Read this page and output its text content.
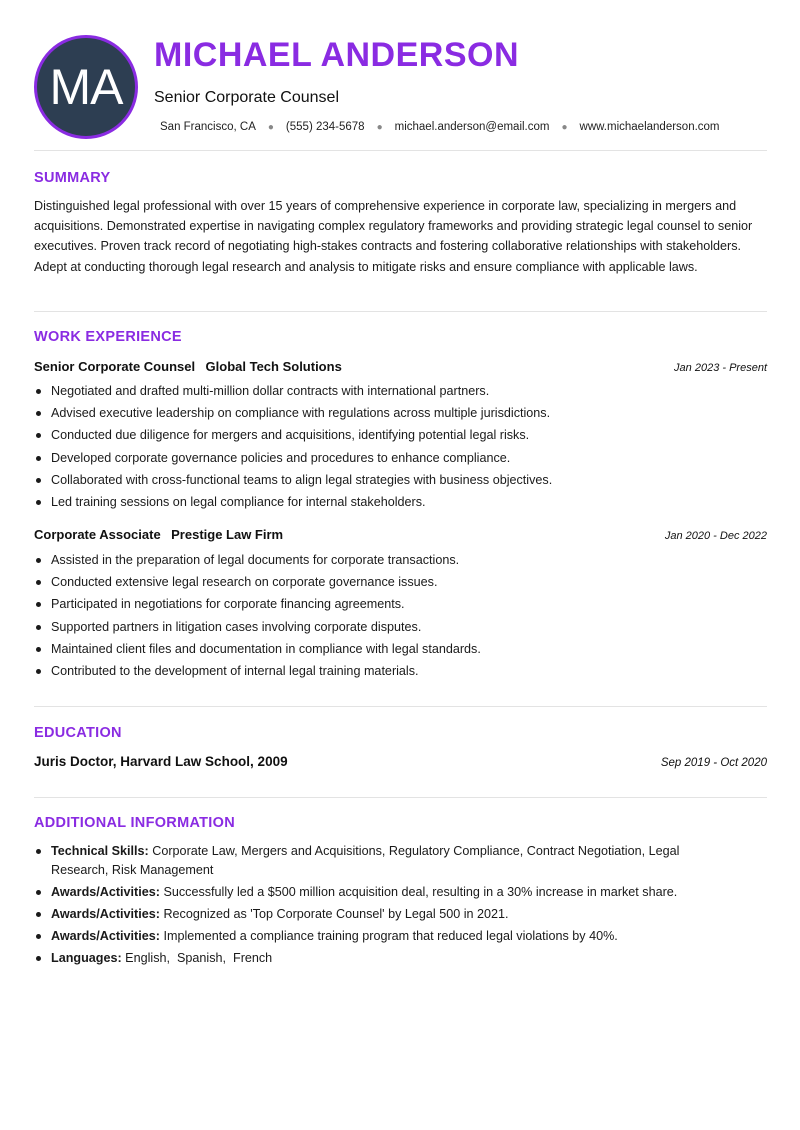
MA
MICHAEL ANDERSON
Senior Corporate Counsel
San Francisco, CA ● (555) 234-5678 ● michael.anderson@email.com ● www.michaelanderson.com
SUMMARY
Distinguished legal professional with over 15 years of comprehensive experience in corporate law, specializing in mergers and acquisitions. Demonstrated expertise in navigating complex regulatory frameworks and providing strategic legal counsel to senior executives. Proven track record of negotiating high-stakes contracts and fostering collaborative relationships with stakeholders. Adept at conducting thorough legal research and analysis to mitigate risks and ensure compliance with applicable laws.
WORK EXPERIENCE
Senior Corporate Counsel Global Tech Solutions	Jan 2023 - Present
Negotiated and drafted multi-million dollar contracts with international partners.
Advised executive leadership on compliance with regulations across multiple jurisdictions.
Conducted due diligence for mergers and acquisitions, identifying potential legal risks.
Developed corporate governance policies and procedures to enhance compliance.
Collaborated with cross-functional teams to align legal strategies with business objectives.
Led training sessions on legal compliance for internal stakeholders.
Corporate Associate Prestige Law Firm	Jan 2020 - Dec 2022
Assisted in the preparation of legal documents for corporate transactions.
Conducted extensive legal research on corporate governance issues.
Participated in negotiations for corporate financing agreements.
Supported partners in litigation cases involving corporate disputes.
Maintained client files and documentation in compliance with legal standards.
Contributed to the development of internal legal training materials.
EDUCATION
Juris Doctor, Harvard Law School, 2009	Sep 2019 - Oct 2020
ADDITIONAL INFORMATION
Technical Skills: Corporate Law, Mergers and Acquisitions, Regulatory Compliance, Contract Negotiation, Legal Research, Risk Management
Awards/Activities: Successfully led a $500 million acquisition deal, resulting in a 30% increase in market share.
Awards/Activities: Recognized as 'Top Corporate Counsel' by Legal 500 in 2021.
Awards/Activities: Implemented a compliance training program that reduced legal violations by 40%.
Languages: English,  Spanish,  French
